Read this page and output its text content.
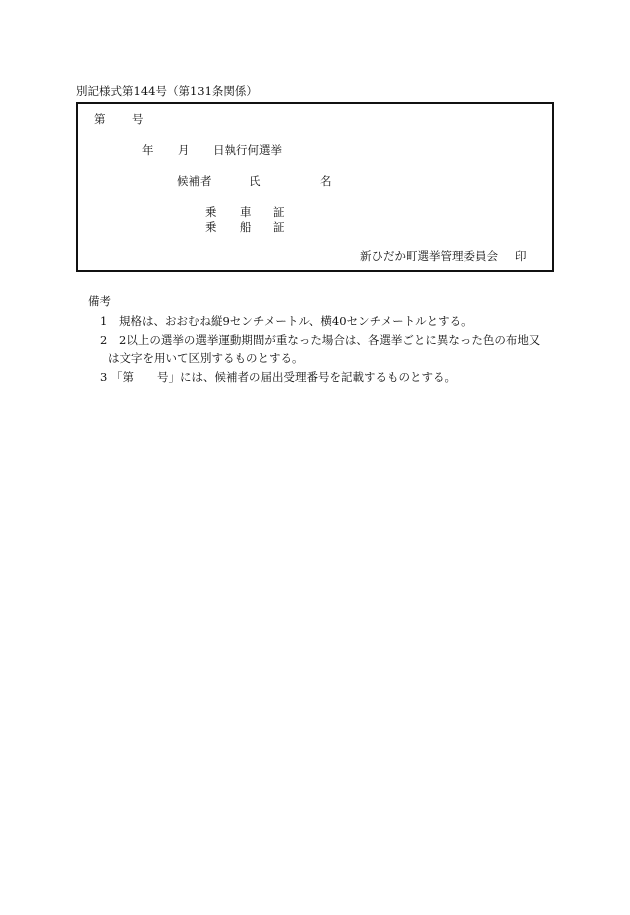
別記様式第144号（第131条関係）
第 号
年 月 日執行何選挙
候補者	氏	名
乗 車 証
乗 船 証
新ひだか町選挙管理委員会 印
備考
1 規格は、おおむね縦9センチメートル、横40センチメートルとする。
2 2以上の選挙の選挙運動期間が重なった場合は、各選挙ごとに異なった色の布地又
は文字を用いて区別するものとする。
3 「第　　号」には、候補者の届出受理番号を記載するものとする。
